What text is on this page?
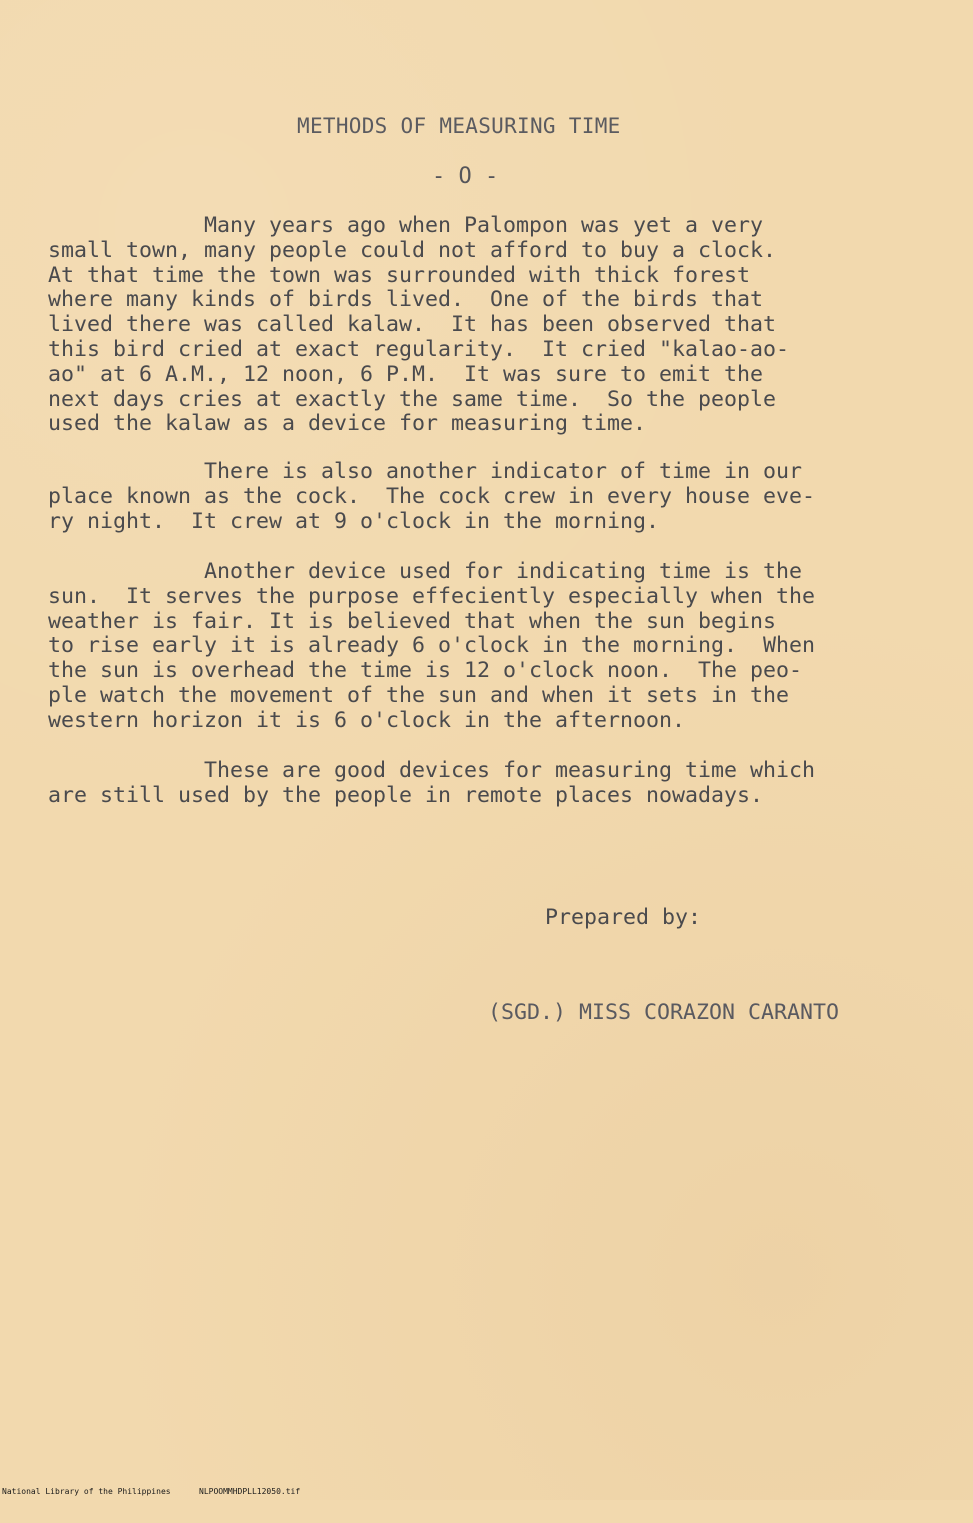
METHODS OF MEASURING TIME
- O -
Many years ago when Palompon was yet a very
small town, many people could not afford to buy a clock.
At that time the town was surrounded with thick forest
where many kinds of birds lived.  One of the birds that
lived there was called kalaw.  It has been observed that
this bird cried at exact regularity.  It cried "kalao-ao-
ao" at 6 A.M., 12 noon, 6 P.M.  It was sure to emit the
next days cries at exactly the same time.  So the people
used the kalaw as a device for measuring time.
There is also another indicator of time in our
place known as the cock.  The cock crew in every house eve-
ry night.  It crew at 9 o'clock in the morning.
Another device used for indicating time is the
sun.  It serves the purpose effeciently especially when the
weather is fair. It is believed that when the sun begins
to rise early it is already 6 o'clock in the morning.  When
the sun is overhead the time is 12 o'clock noon.  The peo-
ple watch the movement of the sun and when it sets in the
western horizon it is 6 o'clock in the afternoon.
These are good devices for measuring time which
are still used by the people in remote places nowadays.
Prepared by:
(SGD.) MISS CORAZON CARANTO

National Library of the Philippines

	NLPOOMMHDPLL12050.tif
